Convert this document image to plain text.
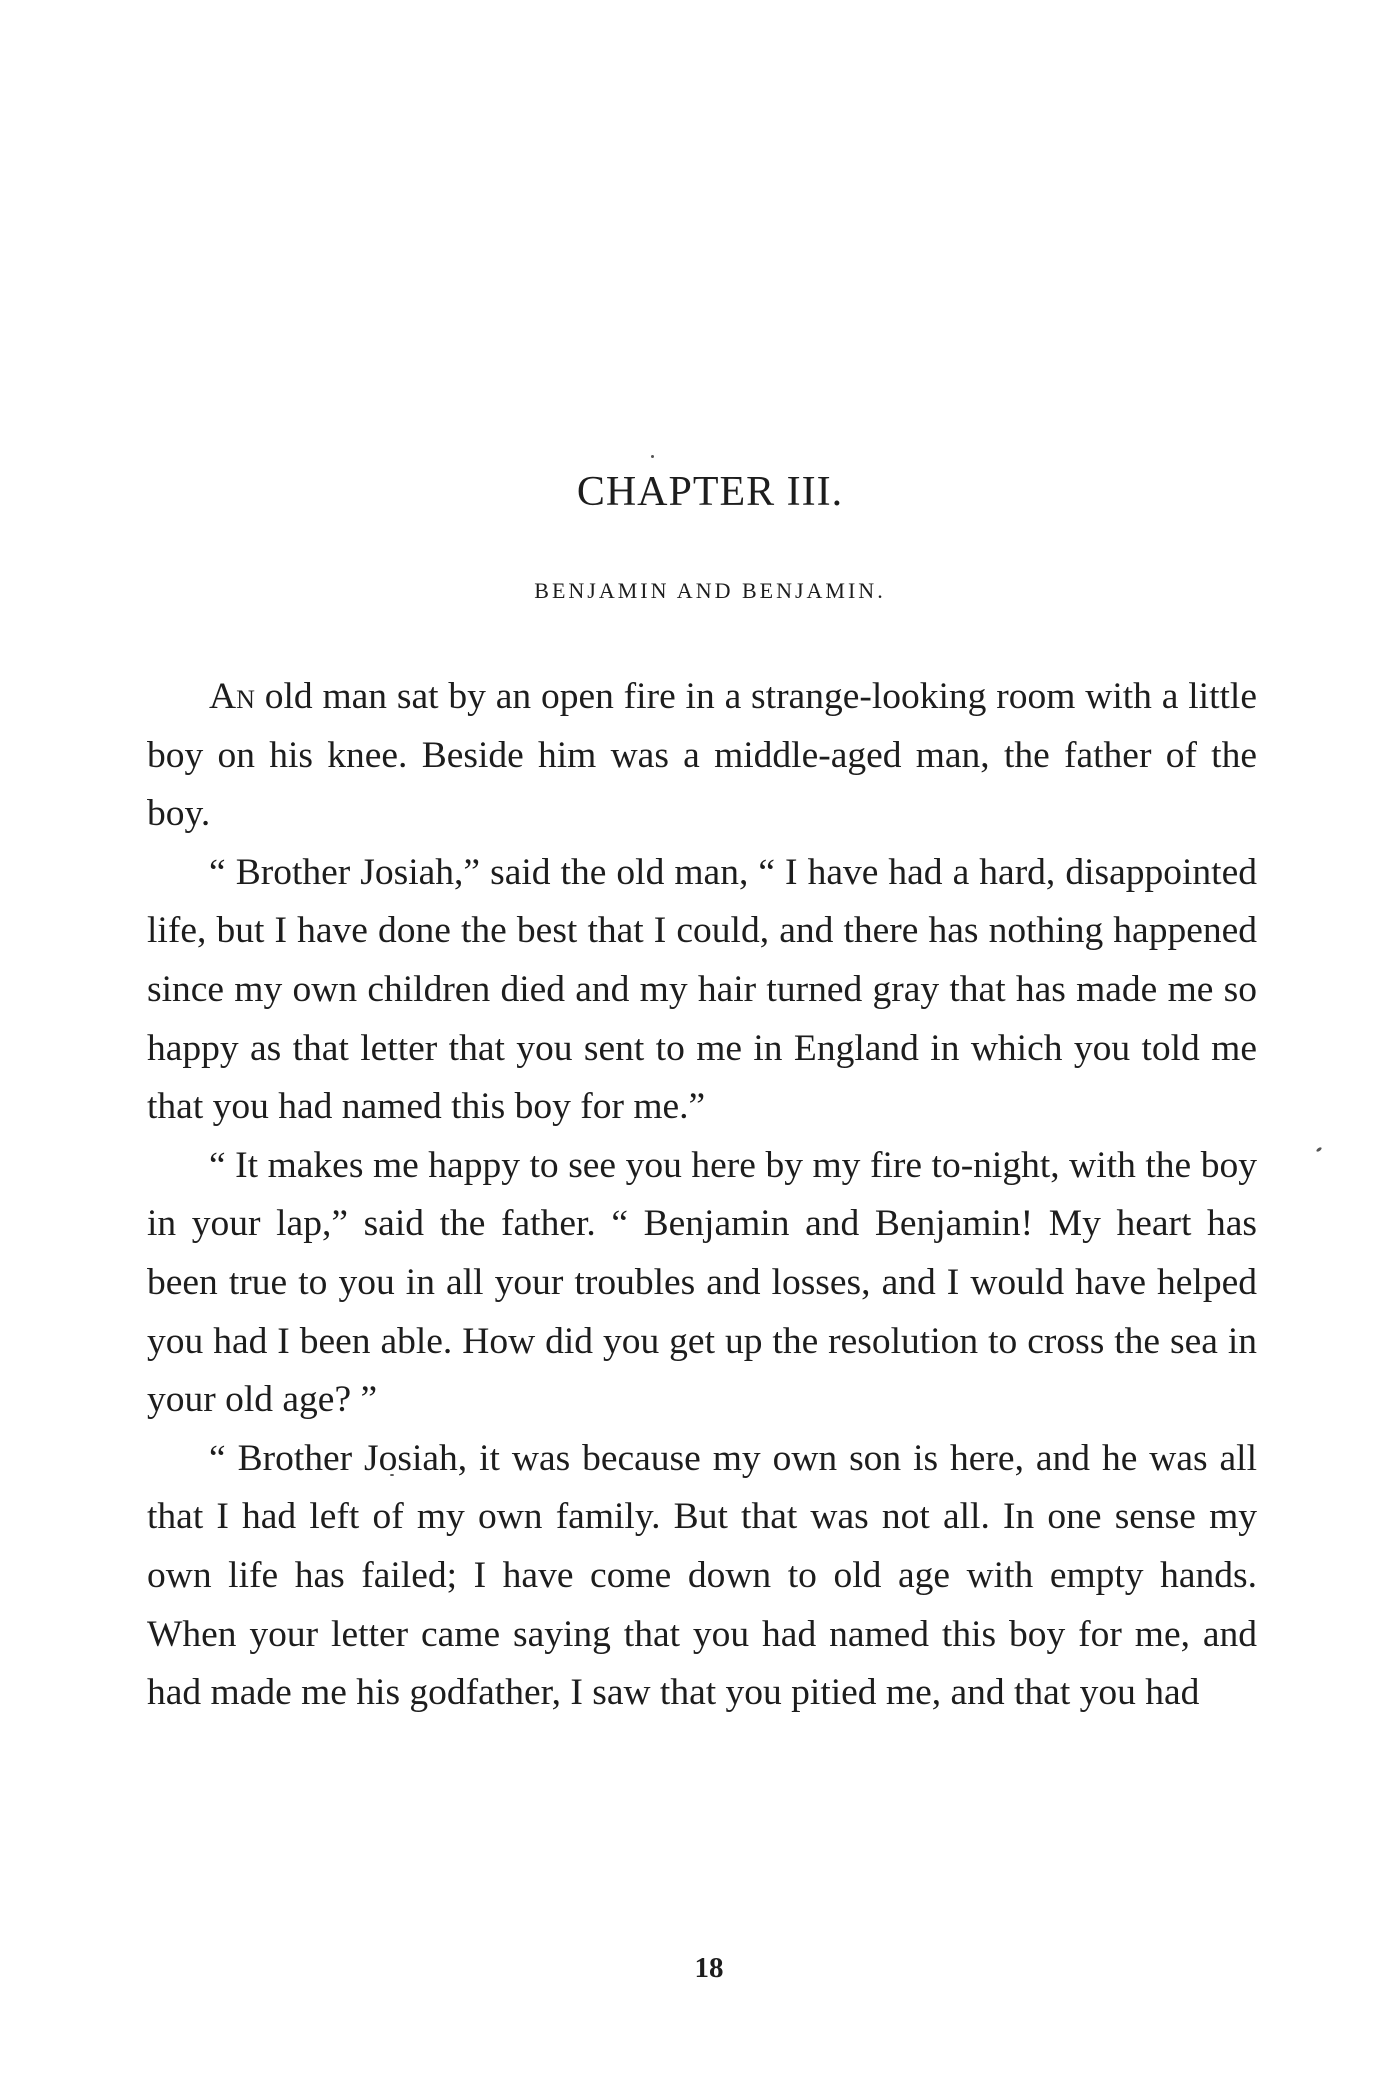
CHAPTER III.
BENJAMIN AND BENJAMIN.

An old man sat by an open fire in a strange-looking room with a little boy on his knee. Beside him was a middle-aged man, the father of the boy.

“ Brother Josiah,” said the old man, “ I have had a hard, disappointed life, but I have done the best that I could, and there has nothing happened since my own children died and my hair turned gray that has made me so happy as that letter that you sent to me in England in which you told me that you had named this boy for me.”

“ It makes me happy to see you here by my fire to-night, with the boy in your lap,” said the father. “ Benjamin and Benjamin! My heart has been true to you in all your troubles and losses, and I would have helped you had I been able. How did you get up the resolution to cross the sea in your old age? ”

“ Brother Josiah, it was because my own son is here, and he was all that I had left of my own family. But that was not all. In one sense my own life has failed; I have come down to old age with empty hands. When your letter came saying that you had named this boy for me, and had made me his godfather, I saw that you pitied me, and that you had

18
